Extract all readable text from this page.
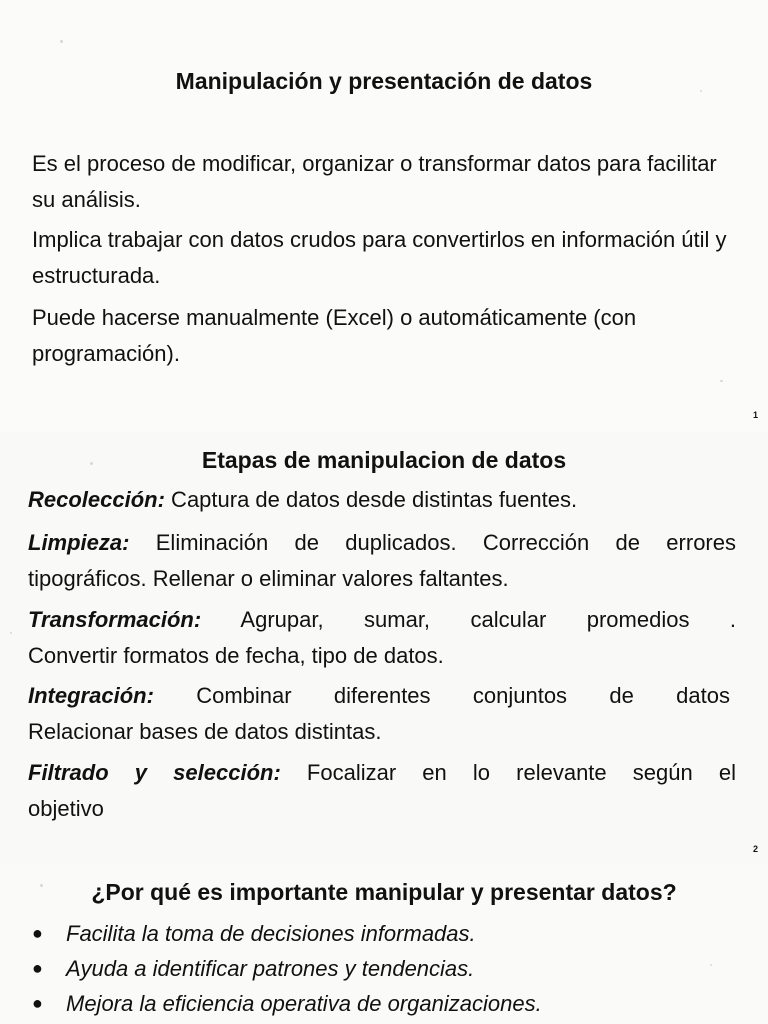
Manipulación y presentación de datos

Es el proceso de modificar, organizar o transformar datos para facilitar su análisis.

Implica trabajar con datos crudos para convertirlos en información útil y estructurada.

Puede hacerse manualmente (Excel) o automáticamente (con programación).

1
Etapas de manipulacion de datos
Recolección: Captura de datos desde distintas fuentes.
Limpieza: Eliminación de duplicados. Corrección de errores
tipográficos. Rellenar o eliminar valores faltantes.
Transformación: Agrupar, sumar, calcular promedios .
Convertir formatos de fecha, tipo de datos.
Integración: Combinar diferentes conjuntos de datos
Relacionar bases de datos distintas.
Filtrado y selección: Focalizar en lo relevante según el
objetivo
2
¿Por qué es importante manipular y presentar datos?
● Facilita la toma de decisiones informadas.
● Ayuda a identificar patrones y tendencias.
● Mejora la eficiencia operativa de organizaciones.
